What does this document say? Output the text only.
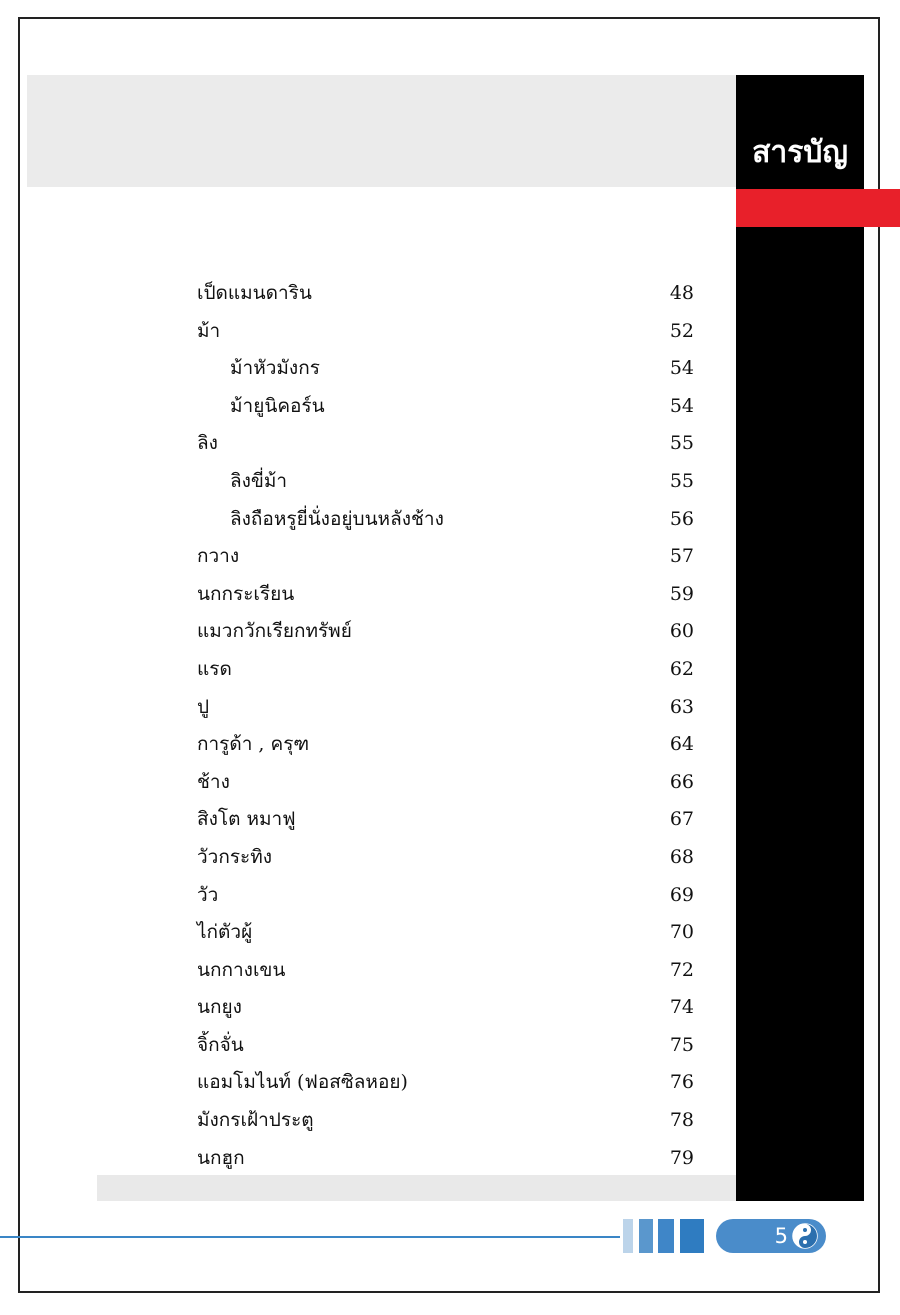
สารบัญ
เป็ดแมนดาริน	48
ม้า	52
ม้าหัวมังกร	54
ม้ายูนิคอร์น	54
ลิง	55
ลิงขี่ม้า	55
ลิงถือหรูยี่นั่งอยู่บนหลังช้าง	56
กวาง	57
นกกระเรียน	59
แมวกวักเรียกทรัพย์	60
แรด	62
ปู	63
การูด้า , ครุฑ	64
ช้าง	66
สิงโต หมาฟู	67
วัวกระทิง	68
วัว	69
ไก่ตัวผู้	70
นกกางเขน	72
นกยูง	74
จิ้กจั่น	75
แอมโมไนท์ (ฟอสซิลหอย)	76
มังกรเฝ้าประตู	78
นกฮูก	79
5
